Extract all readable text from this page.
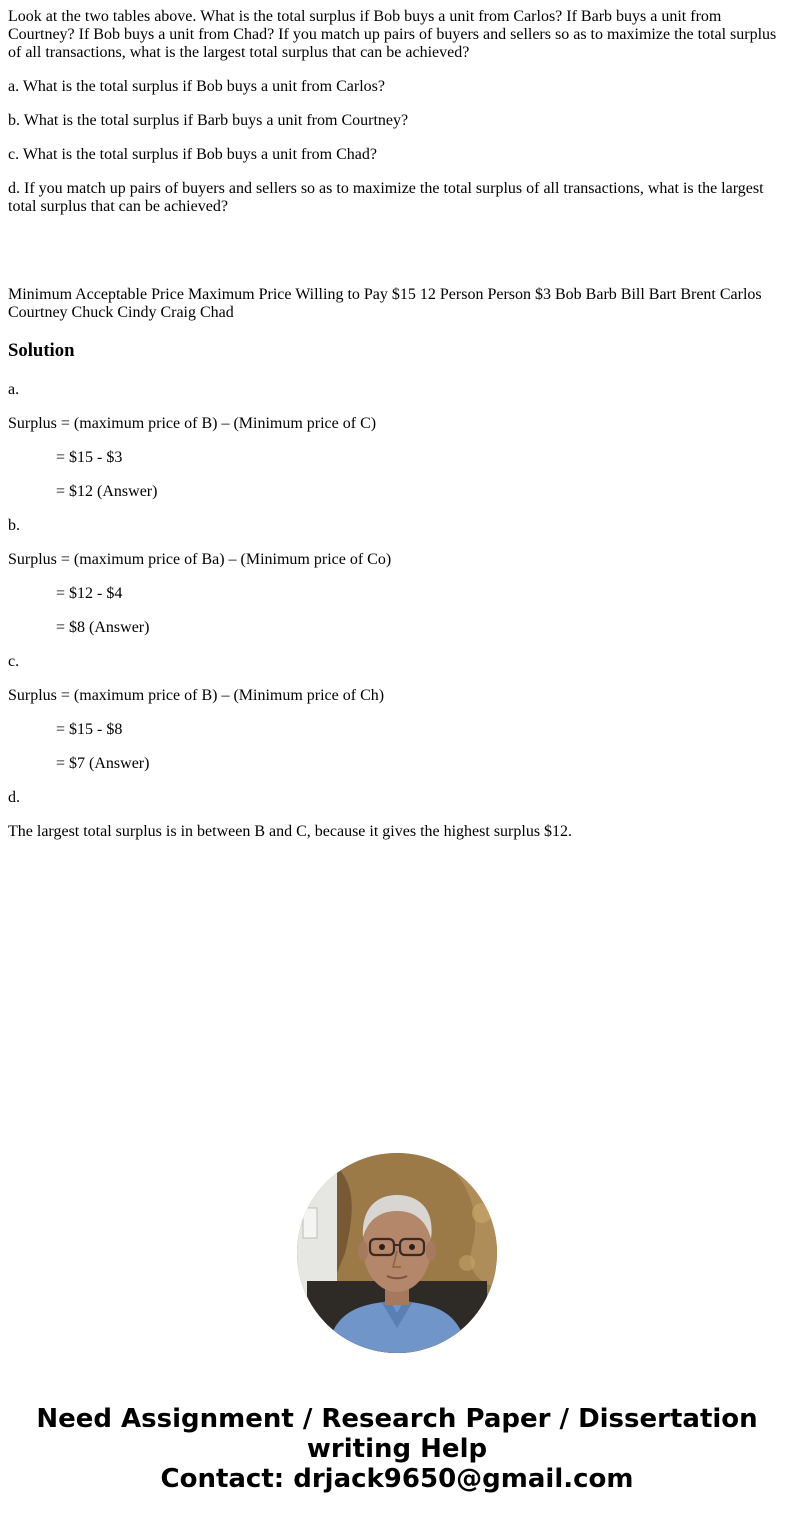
Look at the two tables above. What is the total surplus if Bob buys a unit from Carlos? If Barb buys a unit from Courtney? If Bob buys a unit from Chad? If you match up pairs of buyers and sellers so as to maximize the total surplus of all transactions, what is the largest total surplus that can be achieved?

a. What is the total surplus if Bob buys a unit from Carlos?

b. What is the total surplus if Barb buys a unit from Courtney?

c. What is the total surplus if Bob buys a unit from Chad?

d. If you match up pairs of buyers and sellers so as to maximize the total surplus of all transactions, what is the largest total surplus that can be achieved?

Minimum Acceptable Price Maximum Price Willing to Pay $15 12 Person Person $3 Bob Barb Bill Bart Brent Carlos Courtney Chuck Cindy Craig Chad

Solution

a.

Surplus = (maximum price of B) – (Minimum price of C)

= $15 - $3

= $12 (Answer)

b.

Surplus = (maximum price of Ba) – (Minimum price of Co)

= $12 - $4

= $8 (Answer)

c.

Surplus = (maximum price of B) – (Minimum price of Ch)

= $15 - $8

= $7 (Answer)

d.

The largest total surplus is in between B and C, because it gives the highest surplus $12.

Need Assignment / Research Paper / Dissertation
writing Help
Contact: drjack9650@gmail.com
